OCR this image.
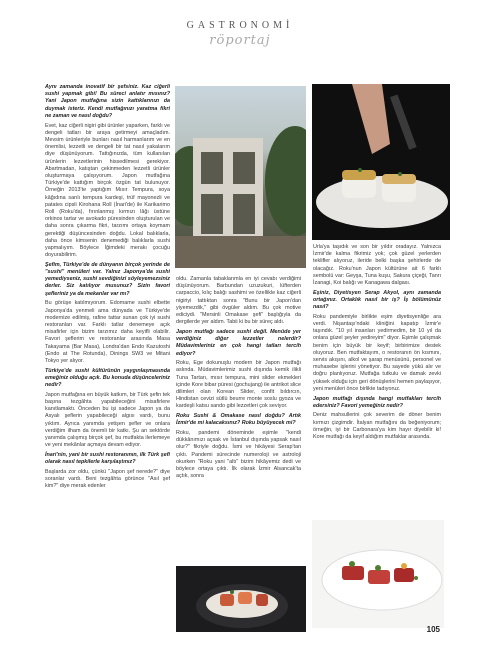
GASTRONOMİ
röportaj

Aynı zamanda inovatif bir şefsiniz. Kaz ciğerli sushi yapmak gibi! Bu süreci anlatır mısınız? Yani Japon mutfağına sizin kattıklarınızı da duymak isteriz. Kendi mutfağınızı yaratma fikri ne zaman ve nasıl doğdu?

Evet, kaz ciğerli nigiri gibi ürünler yaparken, farklı ve dengeli tatları bir araya getirmeyi amaçladım. Mevsim ürünleriyle bunları nasıl harmanlarım ve en önemlisi, lezzetli ve dengeli bir tat nasıl yakalarım diye düşünüyorum. Tattığınızda, tüm kullanılan ürünlerin lezzetlerinin hissedilmesi gerekiyor. Abartmadan, katıştan çekinmeden lezzetli ürünler oluşturmaya çalışıyorum. Japon mutfağına Türkiye'de kattığım birçok özgün tat bulunuyor. Örneğin 2013'te yaptığım Mısır Tempura, soya kâğıdına sarılı tempura kardeşi, trüf mayonezli ve patates cipsli Kirohana Roll (İnari'de) ile Karikarimo Roll (Roku'da), fırınlanmış kırmızı lâğı üstüne orkinos tartar ve avokado püresinden oluşturulan ve daha sonra çıkarma fikri, tarzımı ortaya koymam gerektiği düşüncesinden doğdu. Lokal balıklarla, daha önce kimsenin denemediği balıklarla sushi yapmalıyım. Böylece İğimdeki merakı çocuğu doyurabilirim.

Şefim, Türkiye'de de dünyanın birçok yerinde de "sushi" menüleri var. Yalnız Japonya'da sushi yemediyseniz, sushi sevdiğinizi söyleyemezsiniz derler. Siz katılıyor musunuz? Sizin favori şefleriniz ya da mekanlar var mı?

Bu görüşe katılmıyorum. Edomame sushi elbette Japonya'da yenmeli ama dünyada ve Türkiye'de modernize edilmiş, rafine tattar sunan çok iyi sushi restoranları var. Farklı tatlar denemeye açık misafirler için bizim tarzımız daha keyifli olabilir. Favori şeflerim ve restoranlar arasında Masa Takayama (Bar Masa), Londra'dan Endo Kazutoshi (Endo at The Rotunda), Dinings SW3 ve Mitani Tokyo yer alıyor.

Türkiye'de sushi kültürünün yaygınlaşmasında emeğiniz olduğu açık. Bu konuda düşünceleriniz nedir?

Japon mutfağına en büyük katkım, bir Türk şefin tek başına tezgâhta yapabileceğini misafirlere kanıtlamaktı. Önceden bu işi sadece Japon ya da Asyalı şeflerin yapabileceği algısı vardı, bunu yıktım. Ayrıca yanımda yetişen şefler ve onlara verdiğim ilham da önemli bir katkı. Şu an sektörde yanımda çalışmış birçok şef, bu mutfakta ilerlemeye ve yeni mekânlar açmaya devam ediyor.

İnari'nin, yani bir sushi restoranının, ilk Türk şefi olarak nasıl tepkilerle karşılaştınız?

Başlarda zor oldu, çünkü "Japon şef nerede?" diye soranlar vardı. Beni tezgâhta görünce "Asıl şef kim?" diye merak edenler

oldu. Zamanla tabaklarımla en iyi cevabı verdiğimi düşünüyorum. Barbundan uzuzukuri, lüfterden carpaccio, kılıç balığı sashimi ve özellikle kaz ciğerli nigiriyi tattıktan sonra "Bunu bir Japon'dan yiyemezdik," gibi övgüler aldım. Bu çok motive ediciydi. "Mersinli Omakase şefi" başlığıyla da dergilerde yer aldım. Tabii ki bu bir süreç aldı.

Japon mutfağı sadece sushi değil. Menüde yer verdiğiniz diğer lezzetler nelerdir? Müdavimleriniz en çok hangi tatları tercih ediyor?

Roku, Ege dokunuşlu modern bir Japon mutfağı aslında. Müdavimlerimiz sushi dışında kemik ilikli Tuna Tartarı, mısır tempura, mini slider ekmekleri içinde Kore bibar püresi (gochujang) ile antrikot slice dilimleri olan Korean Slider, confit bıldırcın, Hindistan cevizi sütlü beurre monte soslu gyoza ve kardeşli katsu sando gibi lezzetleri çok seviyor.

Roku Sushi & Omakase nasıl doğdu? Artık İzmir'de mi kalacaksınız? Roku büyüyecek mi?

Roku, pandemi döneminde eşimle "kendi dükkânımızı açsak ve İstanbul dışında yapsak nasıl olur?" fikriyle doğdu. İsmi ve hikâyesi Serap'tan çıktı. Pandemi sürecinde numeroloji ve astroloji okurken "Roku yani "altı" bizim hikâyemiz dedi ve böylece ortaya çıktı. İlk olarak İzmir Alsancak'ta açtık, sonra

Urla'ya taşıdık ve son bir yıldır oradayız. Yalnızca İzmir'de kalma fikrimiz yok; çok güzel yerlerden teklifler alıyoruz, ileride belki başka şehirlerde de olacağız. Roku'nun Japon kültürüne ait 6 farklı sembolü var: Geyşa, Tuna kuşu, Sakura çiçeği, Tanrı İzanagi, Koi balığı ve Kanagawa dalgası.

Eşiniz, Diyetisyen Serap Akyol, aynı zamanda ortağınız. Ortaklık nasıl bir iş? İş bölümünüz nasıl?

Roku pandemiyle birlikte eşim diyetisyenliğe ara verdi. Nişantaşı'ndaki kliniğini kapatıp İzmir'e taşındık. "10 yıl insanları yedirmedim, bir 10 yıl da onlara güzel şeyler yedireyim" diyor. Eşimle çalışmak benim için büyük bir keyif; birbirimize destek oluyoruz. Ben mutfaktayım, o restoranın ön kısmını, servis akışını, alkol ve şarap menüsünü, personel ve muhasebe işlerini yönetiyor. Bu sayede yükü alır ve doğru planlıyoruz. Mutfağa tutkulu ve damak zevki yüksek olduğu için geri dönüşlerini hemen paylaşıyor, yeni menüleri önce birlikte tadıyoruz.

Japon mutfağı dışında hangi mutfakları tercih edersiniz? Favori yemeğiniz nedir?

Deniz mahsullerini çok severim de döner benim kırmızı çizgimdir. İtalyan mutfağını da beğeniyorum; örneğin, iyi bir Carbonara'ya kim hayır diyebilir ki! Kore mutfağı da keyif aldığım mutfaklar arasında.

105
